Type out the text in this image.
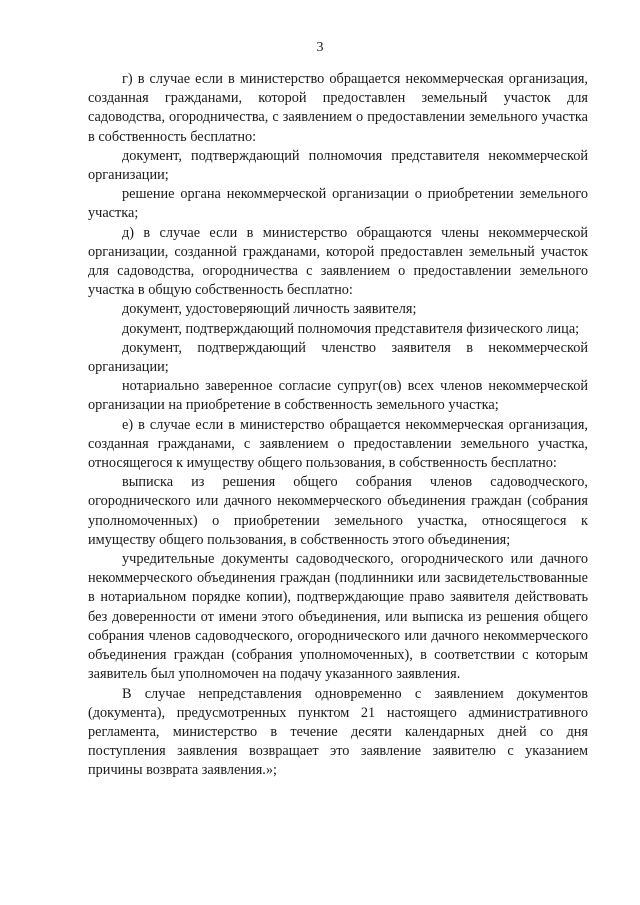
3

г) в случае если в министерство обращается некоммерческая организация, созданная гражданами, которой предоставлен земельный участок для садоводства, огородничества, с заявлением о предоставлении земельного участка в собственность бесплатно:

документ, подтверждающий полномочия представителя некоммерческой организации;

решение органа некоммерческой организации о приобретении земельного участка;

д) в случае если в министерство обращаются члены некоммерческой организации, созданной гражданами, которой предоставлен земельный участок для садоводства, огородничества с заявлением о предоставлении земельного участка в общую собственность бесплатно:

документ, удостоверяющий личность заявителя;

документ, подтверждающий полномочия представителя физического лица;

документ, подтверждающий членство заявителя в некоммерческой организации;

нотариально заверенное согласие супруг(ов) всех членов некоммерческой организации на приобретение в собственность земельного участка;

е) в случае если в министерство обращается некоммерческая организация, созданная гражданами, с заявлением о предоставлении земельного участка, относящегося к имуществу общего пользования, в собственность бесплатно:

выписка из решения общего собрания членов садоводческого, огороднического или дачного некоммерческого объединения граждан (собрания уполномоченных) о приобретении земельного участка, относящегося к имуществу общего пользования, в собственность этого объединения;

учредительные документы садоводческого, огороднического или дачного некоммерческого объединения граждан (подлинники или засвидетельствованные в нотариальном порядке копии), подтверждающие право заявителя действовать без доверенности от имени этого объединения, или выписка из решения общего собрания членов садоводческого, огороднического или дачного некоммерческого объединения граждан (собрания уполномоченных), в соответствии с которым заявитель был уполномочен на подачу указанного заявления.

В случае непредставления одновременно с заявлением документов (документа), предусмотренных пунктом 21 настоящего административного регламента, министерство в течение десяти календарных дней со дня поступления заявления возвращает это заявление заявителю с указанием причины возврата заявления.»;
